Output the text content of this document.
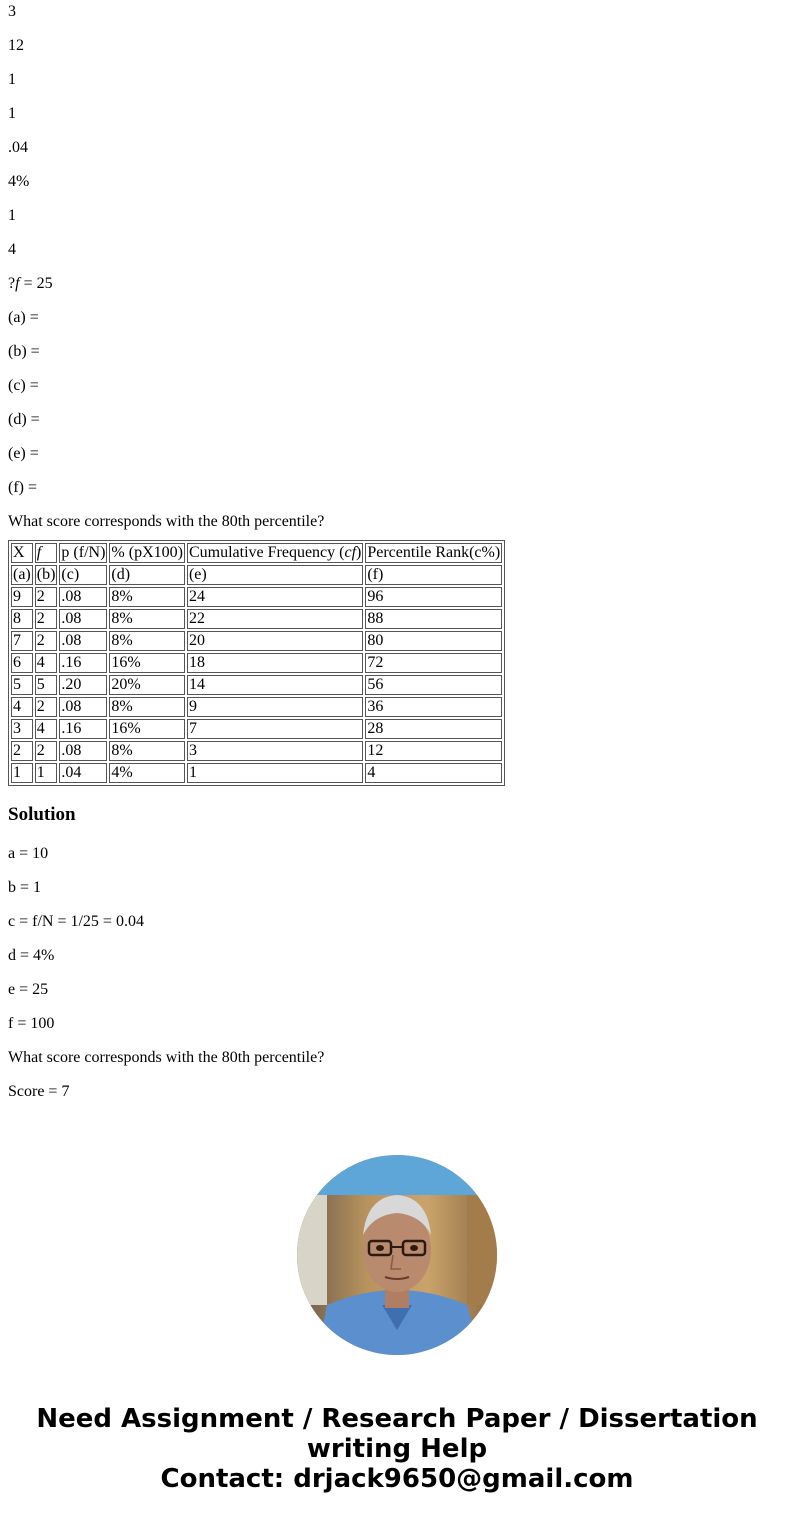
3

12

1

1

.04

4%

1

4

?f = 25

(a) =

(b) =

(c) =

(d) =

(e) =

(f) =

What score corresponds with the 80th percentile?

X	f	p (f/N)	% (pX100)	Cumulative Frequency (cf)	Percentile Rank(c%)
(a)	(b)	(c)	(d)	(e)	(f)
9	2	.08	8%	24	96
8	2	.08	8%	22	88
7	2	.08	8%	20	80
6	4	.16	16%	18	72
5	5	.20	20%	14	56
4	2	.08	8%	9	36
3	4	.16	16%	7	28
2	2	.08	8%	3	12
1	1	.04	4%	1	4
Solution

a = 10

b = 1

c = f/N = 1/25 = 0.04

d = 4%

e = 25

f = 100

What score corresponds with the 80th percentile?

Score = 7

Need Assignment / Research Paper / Dissertation
writing Help
Contact: drjack9650@gmail.com
